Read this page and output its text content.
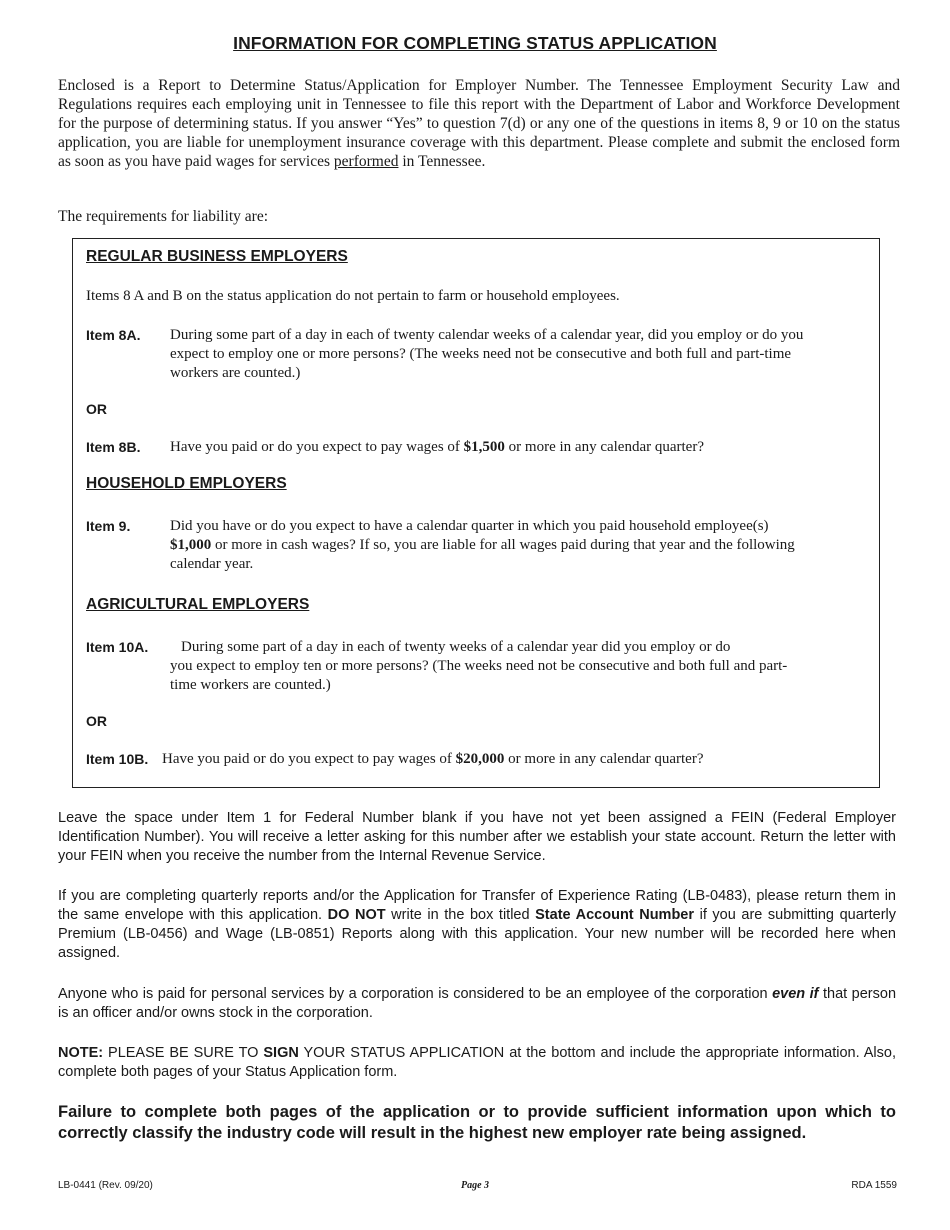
INFORMATION FOR COMPLETING STATUS APPLICATION
Enclosed is a Report to Determine Status/Application for Employer Number. The Tennessee Employment Security Law and Regulations requires each employing unit in Tennessee to file this report with the Department of Labor and Workforce Development for the purpose of determining status. If you answer “Yes” to question 7(d) or any one of the questions in items 8, 9 or 10 on the status application, you are liable for unemployment insurance coverage with this department. Please complete and submit the enclosed form as soon as you have paid wages for services performed in Tennessee.
The requirements for liability are:
REGULAR BUSINESS EMPLOYERS
Items 8 A and B on the status application do not pertain to farm or household employees.
Item 8A. During some part of a day in each of twenty calendar weeks of a calendar year, did you employ or do you expect to employ one or more persons? (The weeks need not be consecutive and both full and part-time workers are counted.)
OR
Item 8B. Have you paid or do you expect to pay wages of $1,500 or more in any calendar quarter?
HOUSEHOLD EMPLOYERS
Item 9.	Did you have or do you expect to have a calendar quarter in which you paid household employee(s) $1,000 or more in cash wages? If so, you are liable for all wages paid during that year and the following calendar year.
AGRICULTURAL EMPLOYERS
Item 10A. During some part of a day in each of twenty weeks of a calendar year did you employ or do
you expect to employ ten or more persons? (The weeks need not be consecutive and both full and part-time workers are counted.)
OR
Item 10B. Have you paid or do you expect to pay wages of $20,000 or more in any calendar quarter?
Leave the space under Item 1 for Federal Number blank if you have not yet been assigned a FEIN (Federal Employer Identification Number). You will receive a letter asking for this number after we establish your state account. Return the letter with your FEIN when you receive the number from the Internal Revenue Service.
If you are completing quarterly reports and/or the Application for Transfer of Experience Rating (LB-0483), please return them in the same envelope with this application. DO NOT write in the box titled State Account Number if you are submitting quarterly Premium (LB-0456) and Wage (LB-0851) Reports along with this application. Your new number will be recorded here when assigned.
Anyone who is paid for personal services by a corporation is considered to be an employee of the corporation even if that person is an officer and/or owns stock in the corporation.
NOTE: PLEASE BE SURE TO SIGN YOUR STATUS APPLICATION at the bottom and include the appropriate information. Also, complete both pages of your Status Application form.
Failure to complete both pages of the application or to provide sufficient information upon which to correctly classify the industry code will result in the highest new employer rate being assigned.
LB-0441 (Rev. 09/20)	Page 3	RDA 1559
